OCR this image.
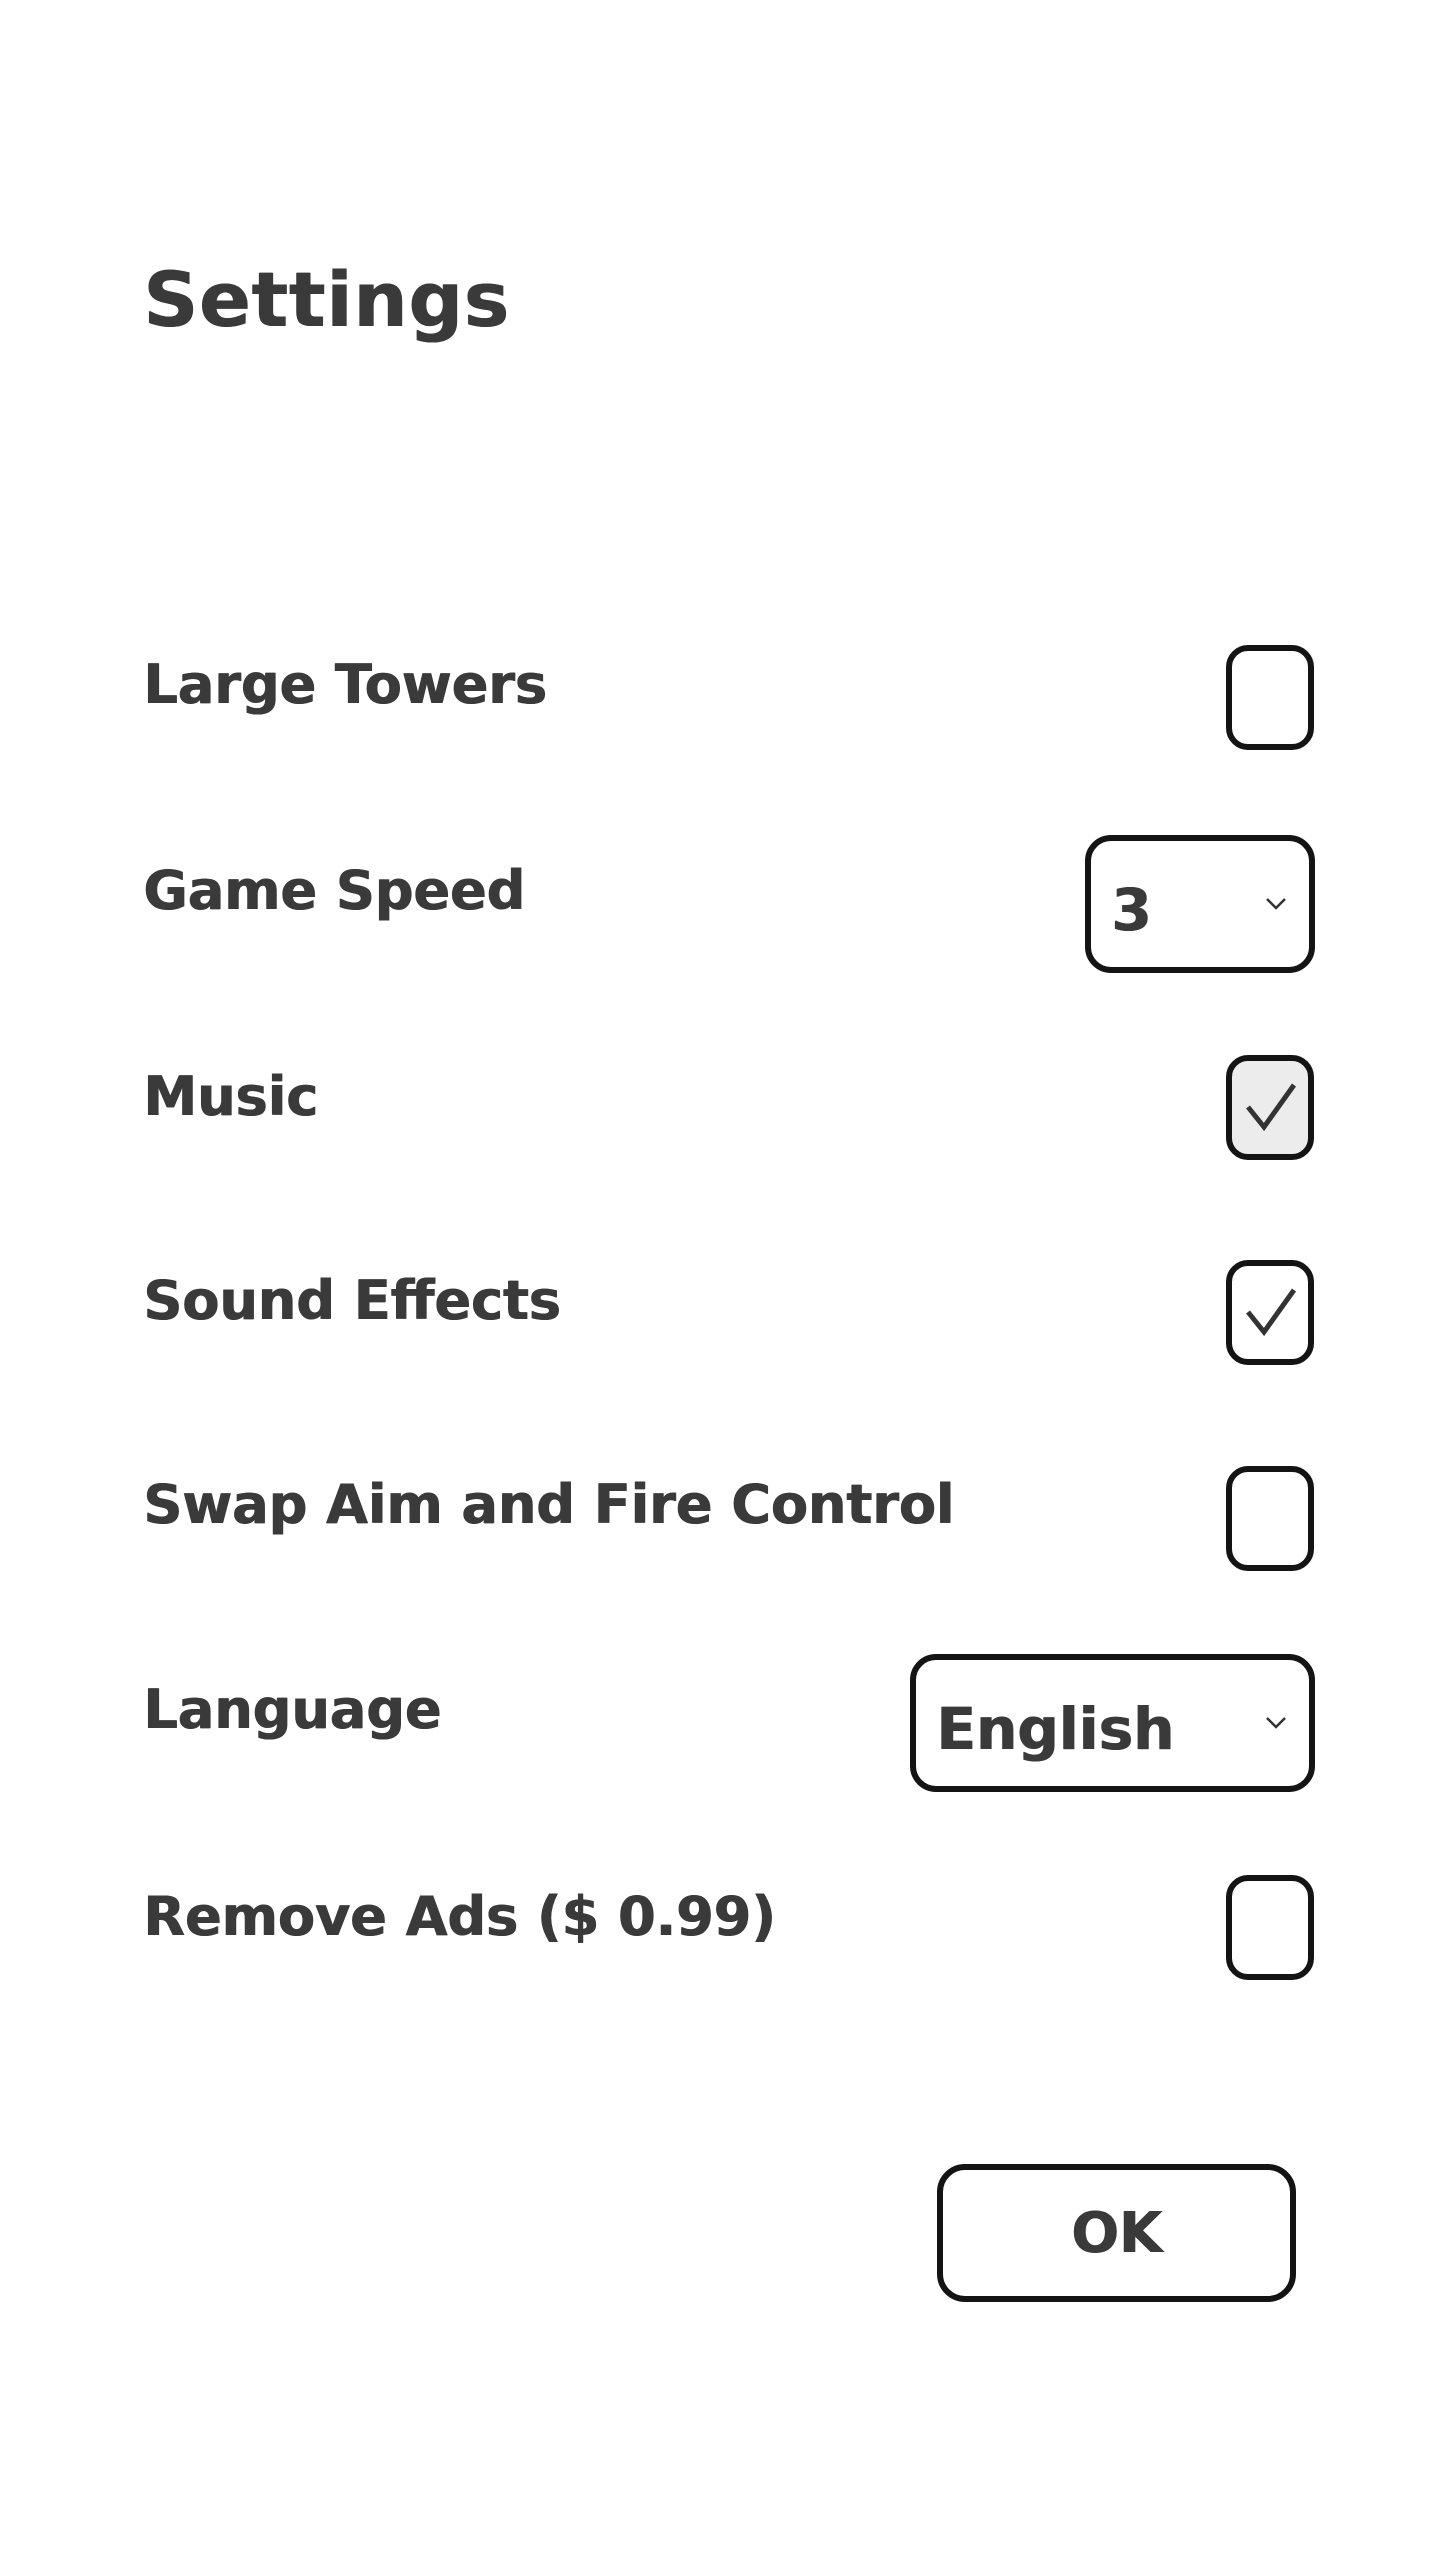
Settings
Large Towers
Game Speed	3
Music
Sound Effects
Swap Aim and Fire Control
Language	English
Remove Ads ($ 0.99)
OK
